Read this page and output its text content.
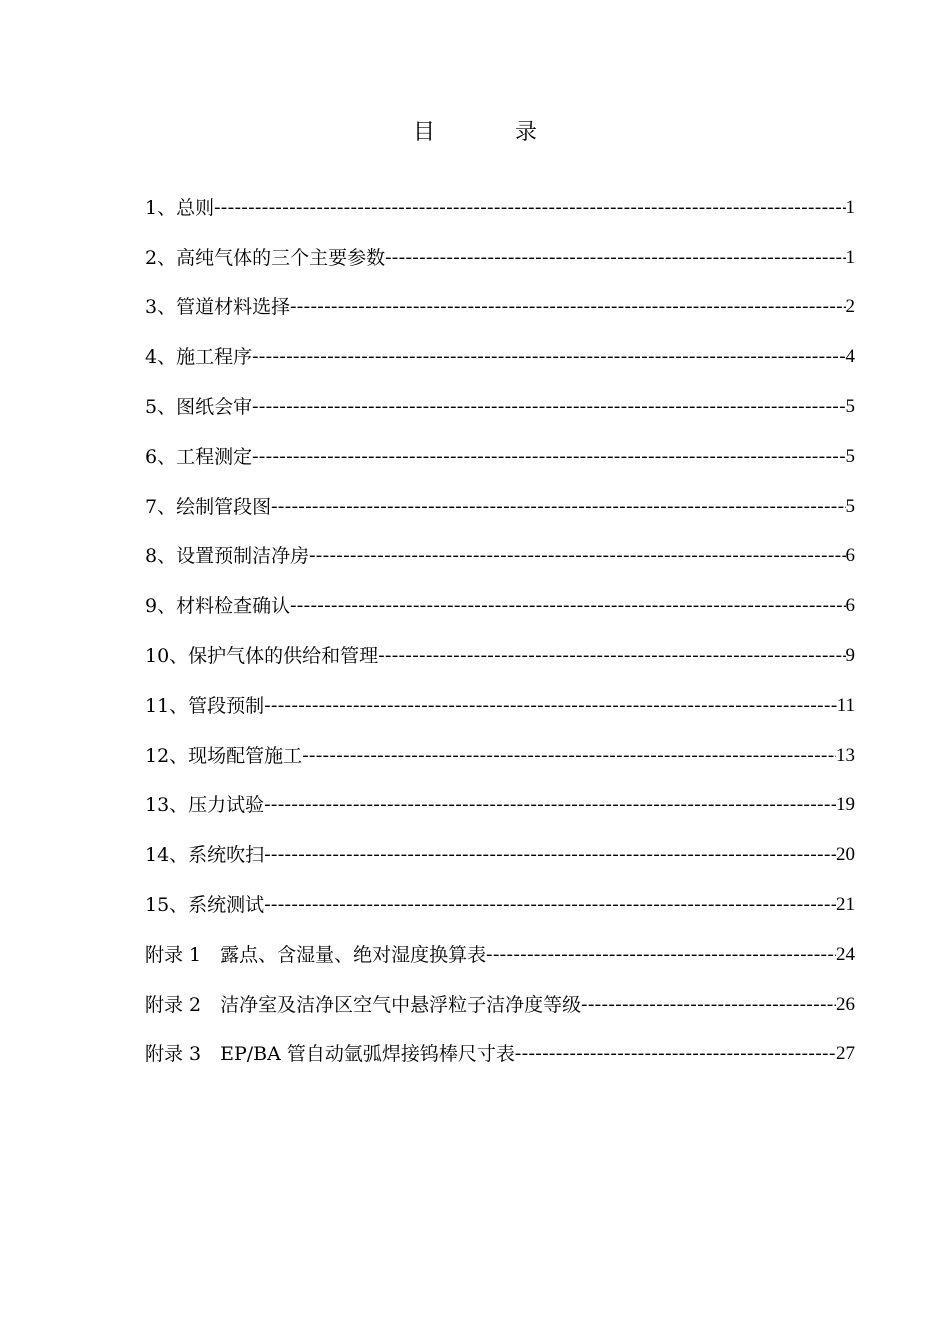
目	录
1、总则 -----	1
2、高纯气体的三个主要参数 -----	1
3、管道材料选择 -----	2
4、施工程序 -----	4
5、图纸会审 -----	5
6、工程测定 -----	5
7、绘制管段图 -----	5
8、设置预制洁净房 -----	6
9、材料检查确认 -----	6
10、保护气体的供给和管理 -----	9
11、管段预制 -----	11
12、现场配管施工 -----	13
13、压力试验 -----	19
14、系统吹扫 -----	20
15、系统测试 -----	21
附录 1　露点、含湿量、绝对湿度换算表 -----	24
附录 2　洁净室及洁净区空气中悬浮粒子洁净度等级 -----	26
附录 3　EP/BA 管自动氩弧焊接钨棒尺寸表 -----	27
